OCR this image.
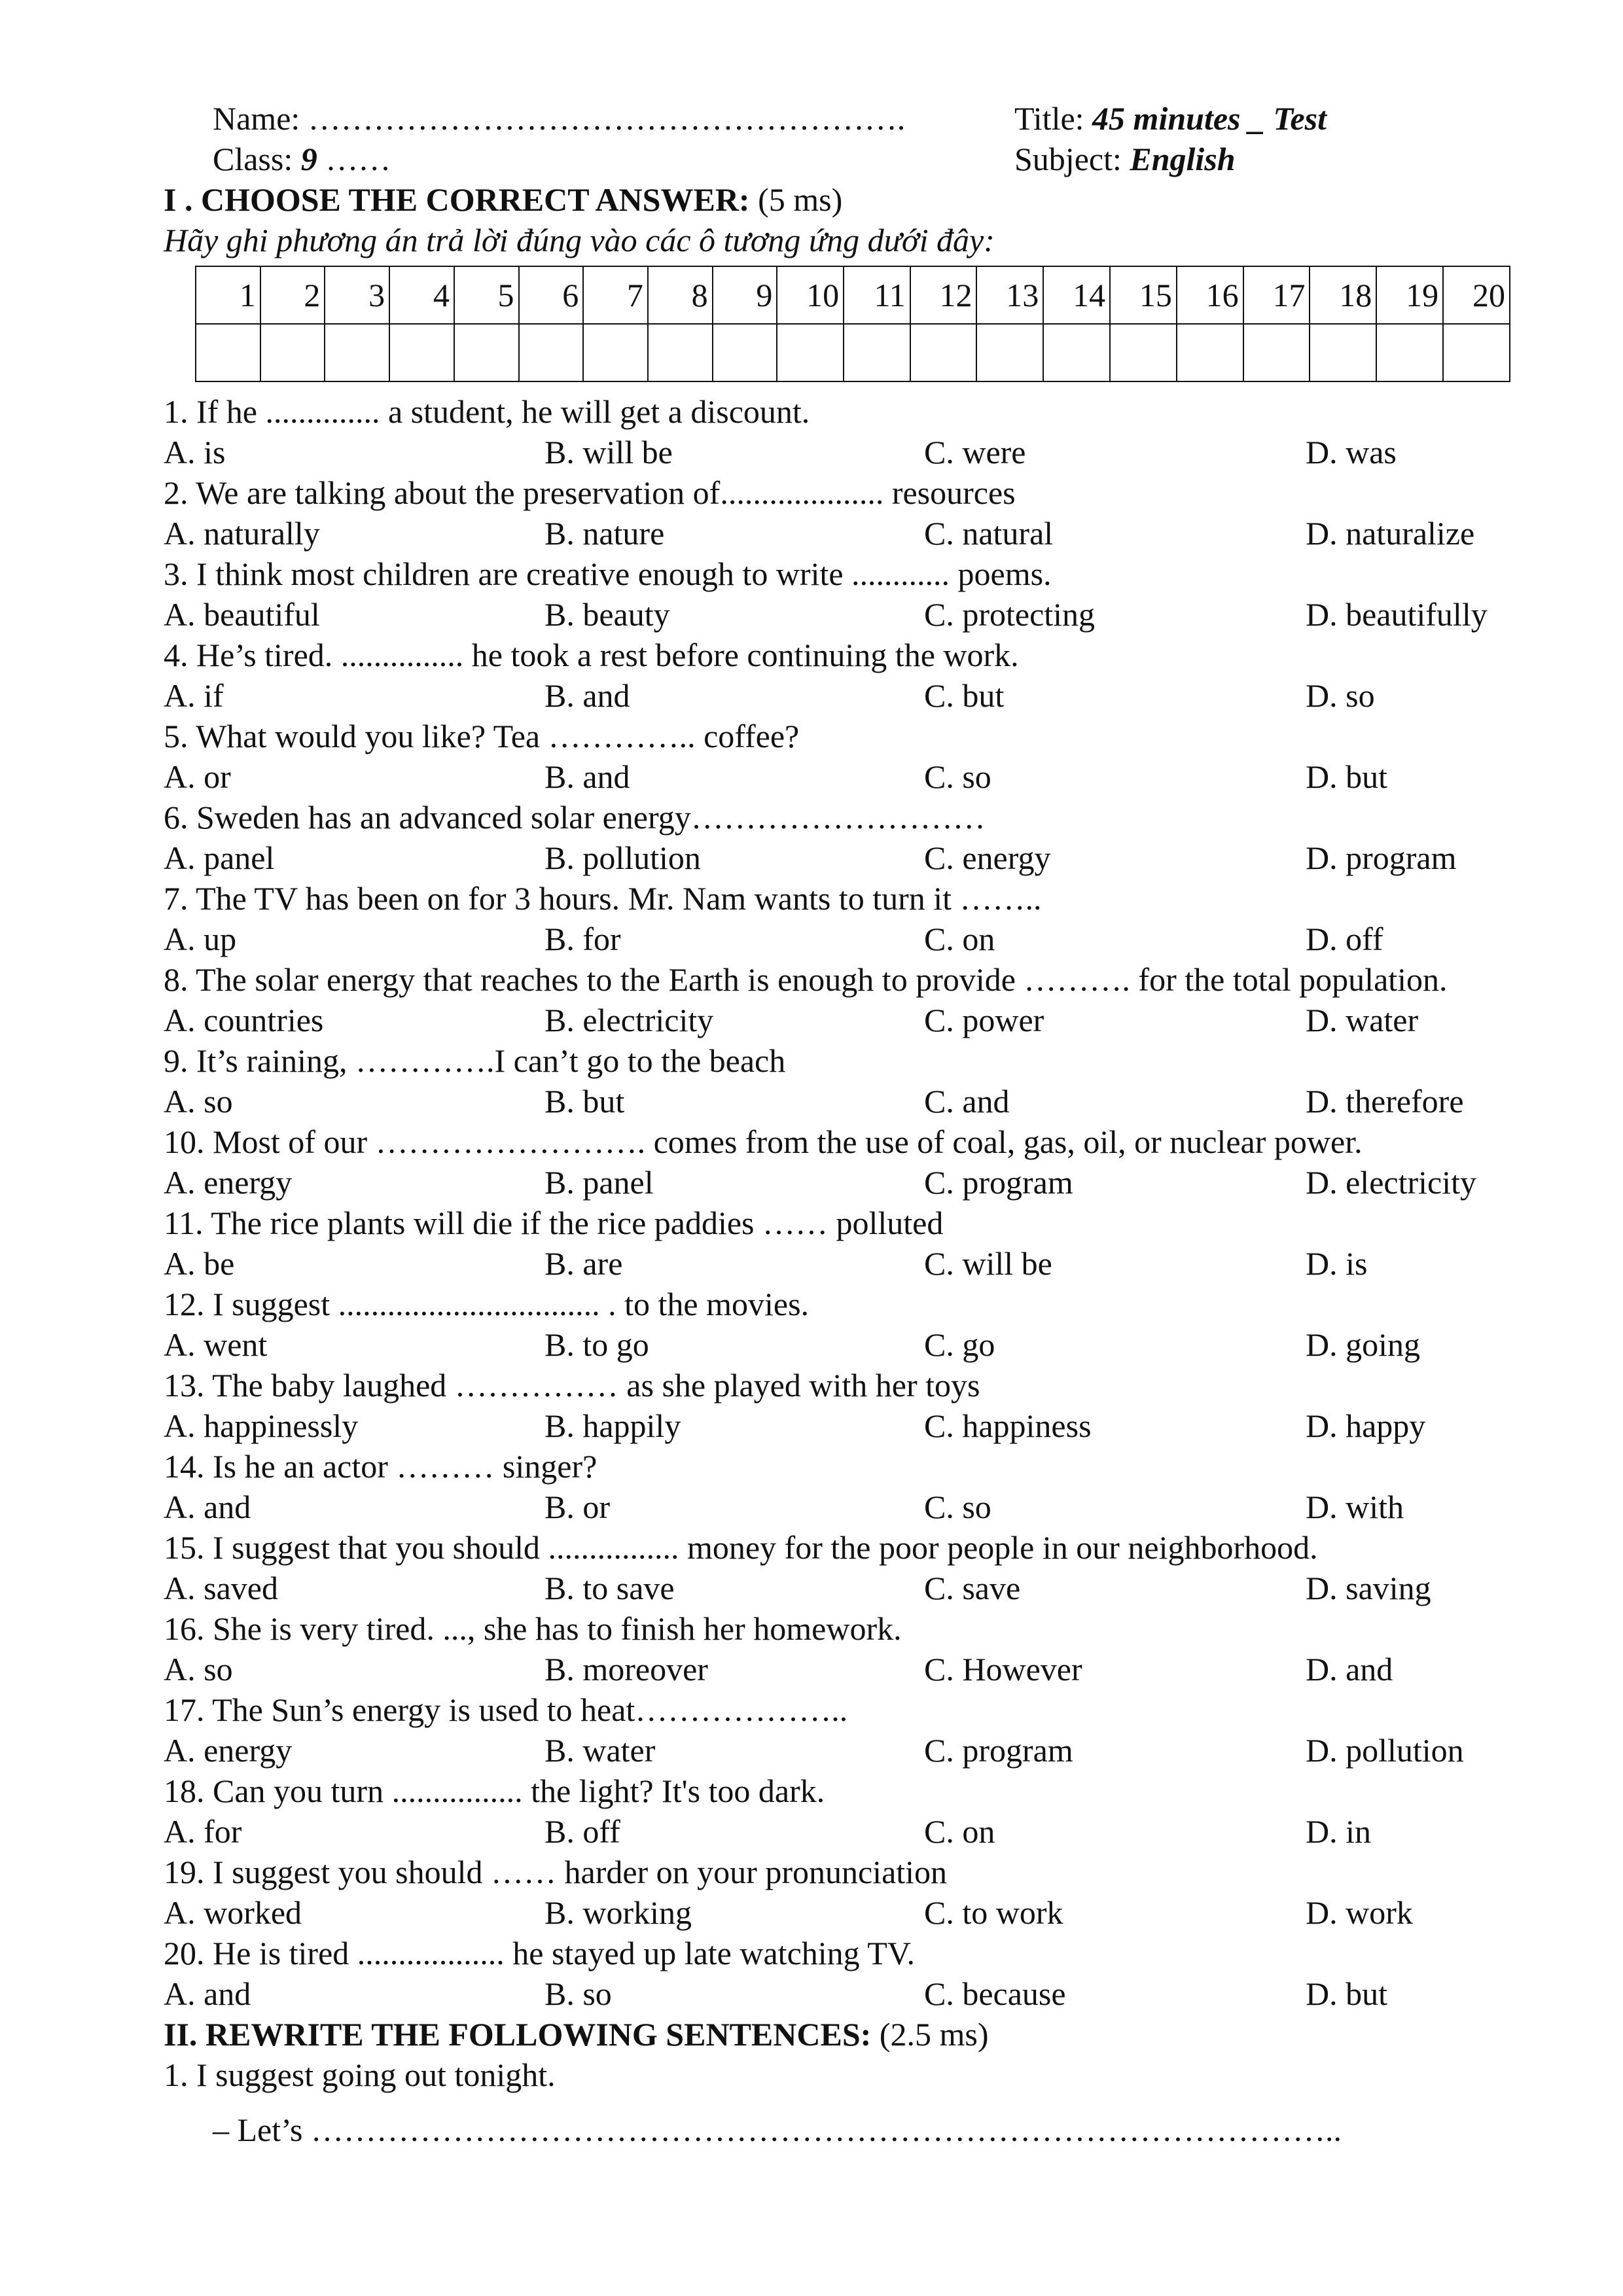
Name: ……………………………………………….	Title: 45 minutes _ Test
Class: 9 ……	Subject: English
I . CHOOSE THE CORRECT ANSWER: (5 ms)
Hãy ghi phương án trả lời đúng vào các ô tương ứng dưới đây:
1	2	3	4	5	6	7	8	9	10	11	12	13	14	15	16	17	18	19	20

1. If he .............. a student, he will get a discount.
A. is	B. will be	C. were	D. was
2. We are talking about the preservation of.................... resources
A. naturally	B. nature	C. natural	D. naturalize
3. I think most children are creative enough to write ............ poems.
A. beautiful	B. beauty	C. protecting	D. beautifully
4. He’s tired. ............... he took a rest before continuing the work.
A. if	B. and	C. but	D. so
5. What would you like? Tea ………….. coffee?
A. or	B. and	C. so	D. but
6. Sweden has an advanced solar energy………………………
A. panel	B. pollution	C. energy	D. program
7. The TV has been on for 3 hours. Mr. Nam wants to turn it ……..
A. up	B. for	C. on	D. off
8. The solar energy that reaches to the Earth is enough to provide ………. for the total population.
A. countries	B. electricity	C. power	D. water
9. It’s raining, ………….I can’t go to the beach
A. so	B. but	C. and	D. therefore
10. Most of our ……………………. comes from the use of coal, gas, oil, or nuclear power.
A. energy	B. panel	C. program	D. electricity
11. The rice plants will die if the rice paddies …… polluted
A. be	B. are	C. will be	D. is
12. I suggest ................................ . to the movies.
A. went	B. to go	C. go	D. going
13. The baby laughed …………… as she played with her toys
A. happinessly	B. happily	C. happiness	D. happy
14. Is he an actor ……… singer?
A. and	B. or	C. so	D. with
15. I suggest that you should ................ money for the poor people in our neighborhood.
A. saved	B. to save	C. save	D. saving
16. She is very tired. ..., she has to finish her homework.
A. so	B. moreover	C. However	D. and
17. The Sun’s energy is used to heat………………..
A. energy	B. water	C. program	D. pollution
18. Can you turn ................ the light? It's too dark.
A. for	B. off	C. on	D. in
19. I suggest you should …… harder on your pronunciation
A. worked	B. working	C. to work	D. work
20. He is tired .................. he stayed up late watching TV.
A. and	B. so	C. because	D. but
II. REWRITE THE FOLLOWING SENTENCES: (2.5 ms)
1. I suggest going out tonight.
– Let’s …………………………………………………………………………………..
